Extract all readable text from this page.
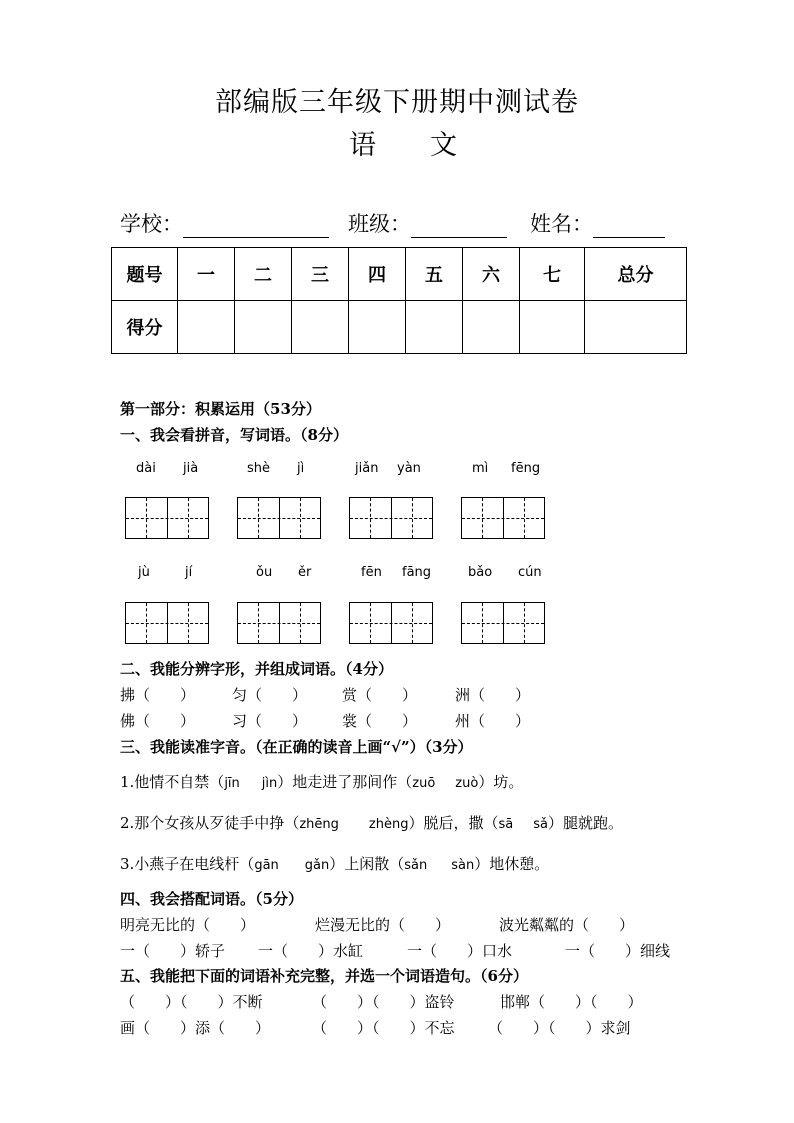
部编版三年级下册期中测试卷
语　　文
学校：	班级：	姓名：
题号	一	二	三	四	五	六	七	总分
得分								
第一部分：积累运用（53分）
一、我会看拼音，写词语。（8分）
dài jià	shè jì	jiǎn yàn	mì fēng
jù	jí	ǒu ěr	fēn fāng	bǎo cún
二、我能分辨字形，并组成词语。（4分）
拂（　　） 匀（　　） 赏（　　）	洲（　　）
佛（　　） 习（　　） 裳（　　）	州（　　）
三、我能读准字音。（在正确的读音上画“√”）（3分）
1.他情不自禁（jīn jìn）地走进了那间作（zuō zuò）坊。
2.那个女孩从歹徒手中挣（zhēng zhèng）脱后，撒（sā sǎ）腿就跑。
3.小燕子在电线杆（gān gǎn）上闲散（sǎn sàn）地休憩。
四、我会搭配词语。（5分）
明亮无比的（　　）	烂漫无比的（　　）	波光粼粼的（　　）
一（　　）轿子 一（　　）水缸	一（　　）口水	一（　　）细线
五、我能把下面的词语补充完整，并选一个词语造句。（6分）
（　　）（　　）不断	（　　）（　　）盗铃	邯郸（　　）（　　）
画（　　）添（　　）	（　　）（　　）不忘 （　　）（　　）求剑
